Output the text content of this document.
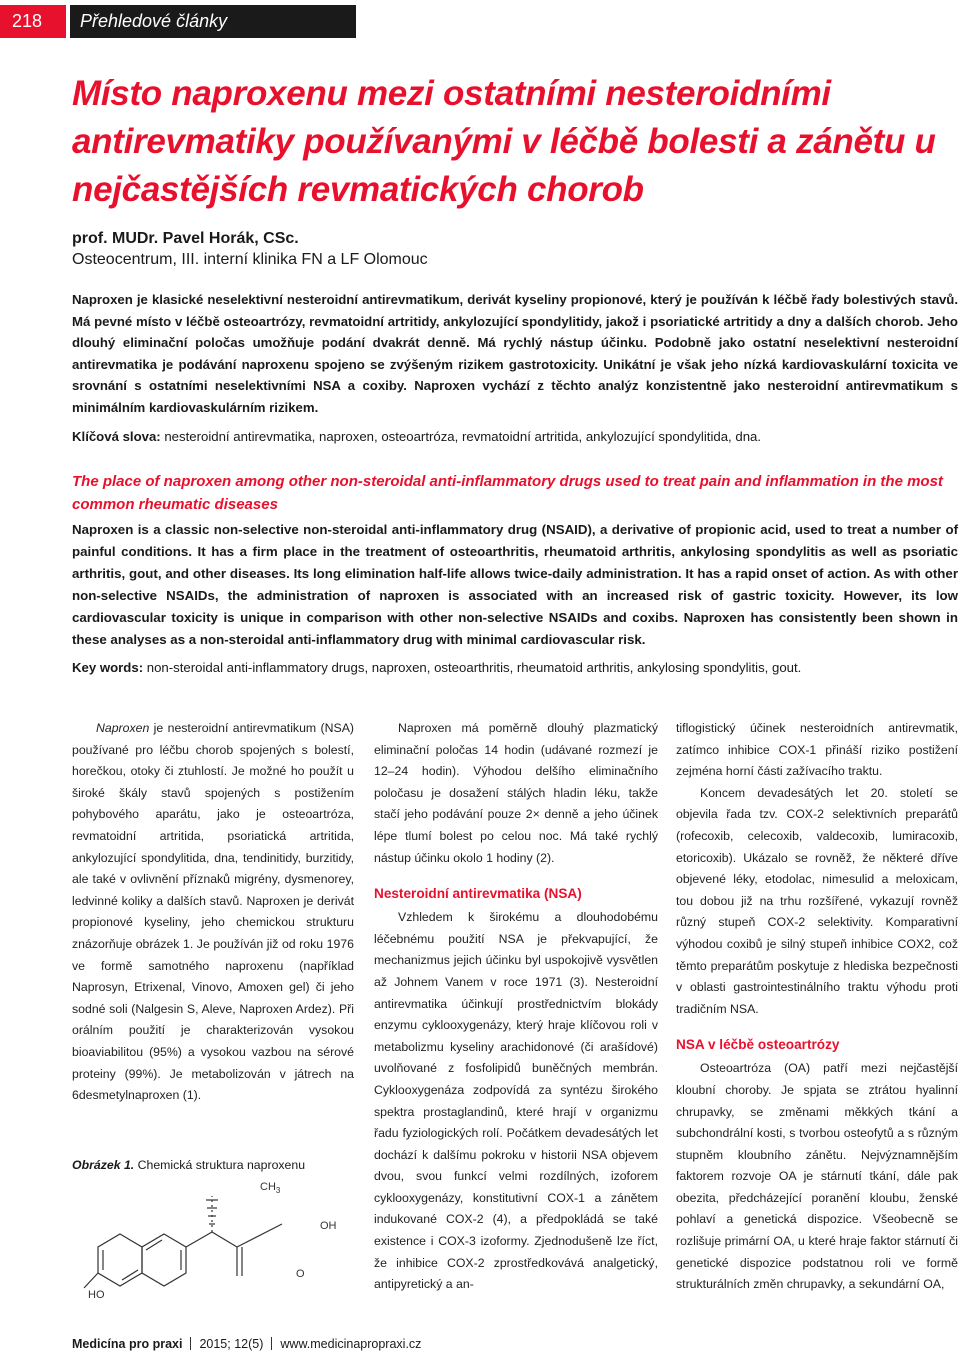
218	Přehledové články
Místo naproxenu mezi ostatními nesteroidními antirevmatiky používanými v léčbě bolesti a zánětu u nejčastějších revmatických chorob
prof. MUDr. Pavel Horák, CSc.
Osteocentrum, III. interní klinika FN a LF Olomouc

Naproxen je klasické neselektivní nesteroidní antirevmatikum, derivát kyseliny propionové, který je používán k léčbě řady bolestivých stavů. Má pevné místo v léčbě osteoartrózy, revmatoidní artritidy, ankylozující spondylitidy, jakož i psoriatické artritidy a dny a dalších chorob. Jeho dlouhý eliminační poločas umožňuje podání dvakrát denně. Má rychlý nástup účinku. Podobně jako ostatní neselektivní nesteroidní antirevmatika je podávání naproxenu spojeno se zvýšeným rizikem gastrotoxicity. Unikátní je však jeho nízká kardiovaskulární toxicita ve srovnání s ostatními neselektivními NSA a coxiby. Naproxen vychází z těchto analýz konzistentně jako nesteroidní antirevmatikum s minimálním kardiovaskulárním rizikem.

Klíčová slova: nesteroidní antirevmatika, naproxen, osteoartróza, revmatoidní artritida, ankylozující spondylitida, dna.

The place of naproxen among other non-steroidal anti-inflammatory drugs used to treat pain and inflammation in the most common rheumatic diseases

Naproxen is a classic non-selective non-steroidal anti-inflammatory drug (NSAID), a derivative of propionic acid, used to treat a number of painful conditions. It has a firm place in the treatment of osteoarthritis, rheumatoid arthritis, ankylosing spondylitis as well as psoriatic arthritis, gout, and other diseases. Its long elimination half-life allows twice-daily administration. It has a rapid onset of action. As with other non-selective NSAIDs, the administration of naproxen is associated with an increased risk of gastric toxicity. However, its low cardiovascular toxicity is unique in comparison with other non-selective NSAIDs and coxibs. Naproxen has consistently been shown in these analyses as a non-steroidal anti-inflammatory drug with minimal cardiovascular risk.

Key words: non-steroidal anti-inflammatory drugs, naproxen, osteoarthritis, rheumatoid arthritis, ankylosing spondylitis, gout.

Naproxen je nesteroidní antirevmatikum (NSA) používané pro léčbu chorob spojených s bolestí, horečkou, otoky či ztuhlostí. Je možné ho použít u široké škály stavů spojených s postižením pohybového aparátu, jako je osteoartróza, revmatoidní artritida, psoriatická artritida, ankylozující spondylitida, dna, tendinitidy, burzitidy, ale také v ovlivnění příznaků migrény, dysmenorey, ledvinné koliky a dalších stavů. Naproxen je derivát propionové kyseliny, jeho chemickou strukturu znázorňuje obrázek 1. Je používán již od roku 1976 ve formě samotného naproxenu (například Naprosyn, Etrixenal, Vinovo, Amoxen gel) či jeho sodné soli (Nalgesin S, Aleve, Naproxen Ardez). Při orálním použití je charakterizován vysokou bioaviabilitou (95%) a vysokou vazbou na sérové proteiny (99%). Je metabolizován v játrech na 6desmetylnaproxen (1).

Naproxen má poměrně dlouhý plazmatický eliminační poločas 14 hodin (udávané rozmezí je 12–24 hodin). Výhodou delšího eliminačního poločasu je dosažení stálých hladin léku, takže stačí jeho podávání pouze 2× denně a jeho účinek lépe tlumí bolest po celou noc. Má také rychlý nástup účinku okolo 1 hodiny (2).

Nesteroidní antirevmatika (NSA)

Vzhledem k širokému a dlouhodobému léčebnému použití NSA je překvapující, že mechanizmus jejich účinku byl uspokojivě vysvětlen až Johnem Vanem v roce 1971 (3). Nesteroidní antirevmatika účinkují prostřednictvím blokády enzymu cyklooxygenázy, který hraje klíčovou roli v metabolizmu kyseliny arachidonové (či arašídové) uvolňované z fosfolipidů buněčných membrán. Cyklooxygenáza zodpovídá za syntézu širokého spektra prostaglandinů, které hrají v organizmu řadu fyziologických rolí. Počátkem devadesátých let dochází k dalšímu pokroku v historii NSA objevem dvou, svou funkcí velmi rozdílných, izoforem cyklooxygenázy, konstitutivní COX-1 a zánětem indukované COX-2 (4), a předpokládá se také existence i COX-3 izoformy. Zjednodušeně lze říct, že inhibice COX-2 zprostředkovává analgetický, antipyretický a an-

tiflogistický účinek nesteroidních antirevmatik, zatímco inhibice COX-1 přináší riziko postižení zejména horní části zažívacího traktu.

Koncem devadesátých let 20. století se objevila řada tzv. COX-2 selektivních preparátů (rofecoxib, celecoxib, valdecoxib, lumiracoxib, etoricoxib). Ukázalo se rovněž, že některé dříve objevené léky, etodolac, nimesulid a meloxicam, tou dobou již na trhu rozšířené, vykazují rovněž různý stupeň COX-2 selektivity. Komparativní výhodou coxibů je silný stupeň inhibice COX2, což těmto preparátům poskytuje z hlediska bezpečnosti v oblasti gastrointestinálního traktu výhodu proti tradičním NSA.

NSA v léčbě osteoartrózy

Osteoartróza (OA) patří mezi nejčastější kloubní choroby. Je spjata se ztrátou hyalinní chrupavky, se změnami měkkých tkání a subchondrální kosti, s tvorbou osteofytů a s různým stupněm kloubního zánětu. Nejvýznamnějším faktorem rozvoje OA je stárnutí tkání, dále pak obezita, předcházející poranění kloubu, ženské pohlaví a genetická dispozice. Všeobecně se rozlišuje primární OA, u které hraje faktor stárnutí či genetické dispozice podstatnou roli ve formě strukturálních změn chrupavky, a sekundární OA,

Obrázek 1. Chemická struktura naproxenu
$CH_3$
OH
O
HO
Medicína pro praxi 2015; 12(5) www.medicinapropraxi.cz
